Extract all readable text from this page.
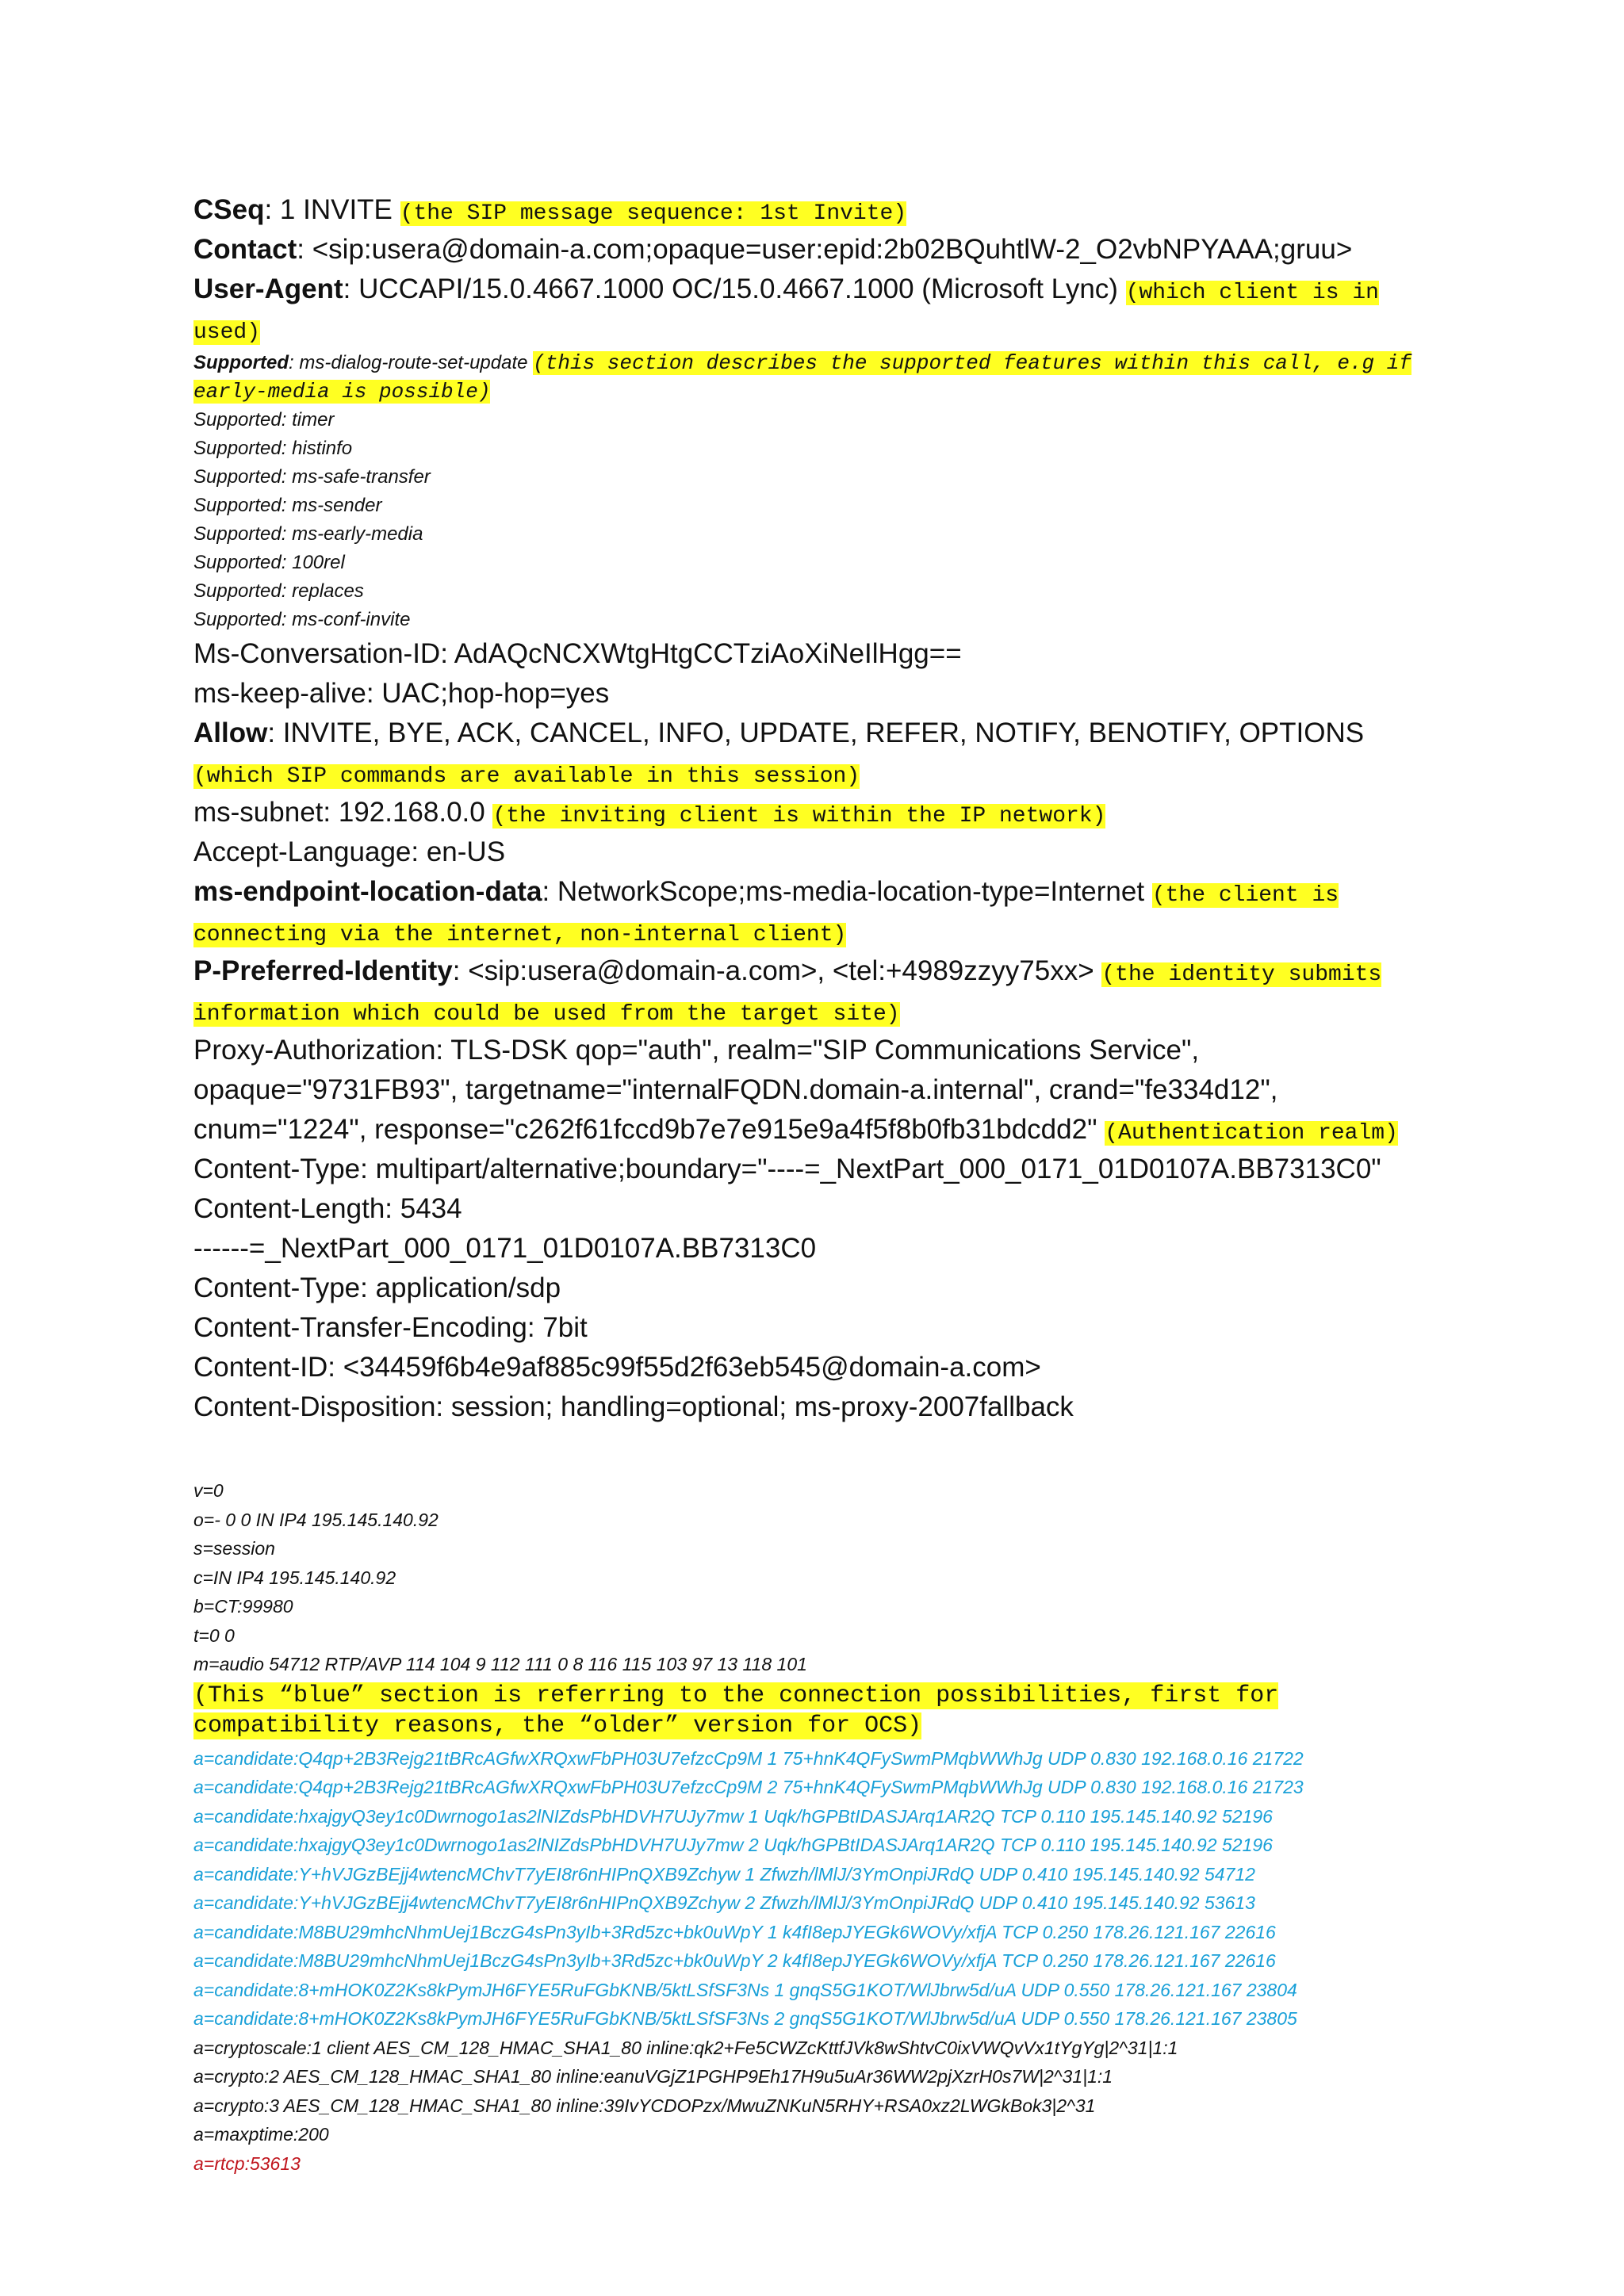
CSeq: 1 INVITE (the SIP message sequence: 1st Invite)

Contact: <sip:usera@domain-a.com;opaque=user:epid:2b02BQuhtlW-2_O2vbNPYAAA;gruu>

User-Agent: UCCAPI/15.0.4667.1000 OC/15.0.4667.1000 (Microsoft Lync) (which client is in used)

Supported: ms-dialog-route-set-update (this section describes the supported features within this call, e.g if early-media is possible)

Supported: timer

Supported: histinfo

Supported: ms-safe-transfer

Supported: ms-sender

Supported: ms-early-media

Supported: 100rel

Supported: replaces

Supported: ms-conf-invite

Ms-Conversation-ID: AdAQcNCXWtgHtgCCTziAoXiNeIlHgg==

ms-keep-alive: UAC;hop-hop=yes

Allow: INVITE, BYE, ACK, CANCEL, INFO, UPDATE, REFER, NOTIFY, BENOTIFY, OPTIONS (which SIP commands are available in this session)

ms-subnet: 192.168.0.0 (the inviting client is within the IP network)

Accept-Language: en-US

ms-endpoint-location-data: NetworkScope;ms-media-location-type=Internet (the client is connecting via the internet, non-internal client)

P-Preferred-Identity: <sip:usera@domain-a.com>, <tel:+4989zzyy75xx> (the identity submits information which could be used from the target site)

Proxy-Authorization: TLS-DSK qop="auth", realm="SIP Communications Service",

opaque="9731FB93", targetname="internalFQDN.domain-a.internal", crand="fe334d12",

cnum="1224", response="c262f61fccd9b7e7e915e9a4f5f8b0fb31bdcdd2" (Authentication realm)

Content-Type: multipart/alternative;boundary="----=_NextPart_000_0171_01D0107A.BB7313C0"

Content-Length: 5434

------=_NextPart_000_0171_01D0107A.BB7313C0

Content-Type: application/sdp

Content-Transfer-Encoding: 7bit

Content-ID: <34459f6b4e9af885c99f55d2f63eb545@domain-a.com>

Content-Disposition: session; handling=optional; ms-proxy-2007fallback

v=0

o=- 0 0 IN IP4 195.145.140.92

s=session

c=IN IP4 195.145.140.92

b=CT:99980

t=0 0

m=audio 54712 RTP/AVP 114 104 9 112 111 0 8 116 115 103 97 13 118 101

(This “blue” section is referring to the connection possibilities, first for compatibility reasons, the “older” version for OCS)

a=candidate:Q4qp+2B3Rejg21tBRcAGfwXRQxwFbPH03U7efzcCp9M 1 75+hnK4QFySwmPMqbWWhJg UDP 0.830 192.168.0.16 21722

a=candidate:Q4qp+2B3Rejg21tBRcAGfwXRQxwFbPH03U7efzcCp9M 2 75+hnK4QFySwmPMqbWWhJg UDP 0.830 192.168.0.16 21723

a=candidate:hxajgyQ3ey1c0Dwrnogo1as2lNIZdsPbHDVH7UJy7mw 1 Uqk/hGPBtIDASJArq1AR2Q TCP 0.110 195.145.140.92 52196

a=candidate:hxajgyQ3ey1c0Dwrnogo1as2lNIZdsPbHDVH7UJy7mw 2 Uqk/hGPBtIDASJArq1AR2Q TCP 0.110 195.145.140.92 52196

a=candidate:Y+hVJGzBEjj4wtencMChvT7yEI8r6nHIPnQXB9Zchyw 1 Zfwzh/lMlJ/3YmOnpiJRdQ UDP 0.410 195.145.140.92 54712

a=candidate:Y+hVJGzBEjj4wtencMChvT7yEI8r6nHIPnQXB9Zchyw 2 Zfwzh/lMlJ/3YmOnpiJRdQ UDP 0.410 195.145.140.92 53613

a=candidate:M8BU29mhcNhmUej1BczG4sPn3yIb+3Rd5zc+bk0uWpY 1 k4fI8epJYEGk6WOVy/xfjA TCP 0.250 178.26.121.167 22616

a=candidate:M8BU29mhcNhmUej1BczG4sPn3yIb+3Rd5zc+bk0uWpY 2 k4fI8epJYEGk6WOVy/xfjA TCP 0.250 178.26.121.167 22616

a=candidate:8+mHOK0Z2Ks8kPymJH6FYE5RuFGbKNB/5ktLSfSF3Ns 1 gnqS5G1KOT/WlJbrw5d/uA UDP 0.550 178.26.121.167 23804

a=candidate:8+mHOK0Z2Ks8kPymJH6FYE5RuFGbKNB/5ktLSfSF3Ns 2 gnqS5G1KOT/WlJbrw5d/uA UDP 0.550 178.26.121.167 23805

a=cryptoscale:1 client AES_CM_128_HMAC_SHA1_80 inline:qk2+Fe5CWZcKttfJVk8wShtvC0ixVWQvVx1tYgYg|2^31|1:1

a=crypto:2 AES_CM_128_HMAC_SHA1_80 inline:eanuVGjZ1PGHP9Eh17H9u5uAr36WW2pjXzrH0s7W|2^31|1:1

a=crypto:3 AES_CM_128_HMAC_SHA1_80 inline:39IvYCDOPzx/MwuZNKuN5RHY+RSA0xz2LWGkBok3|2^31

a=maxptime:200

a=rtcp:53613
